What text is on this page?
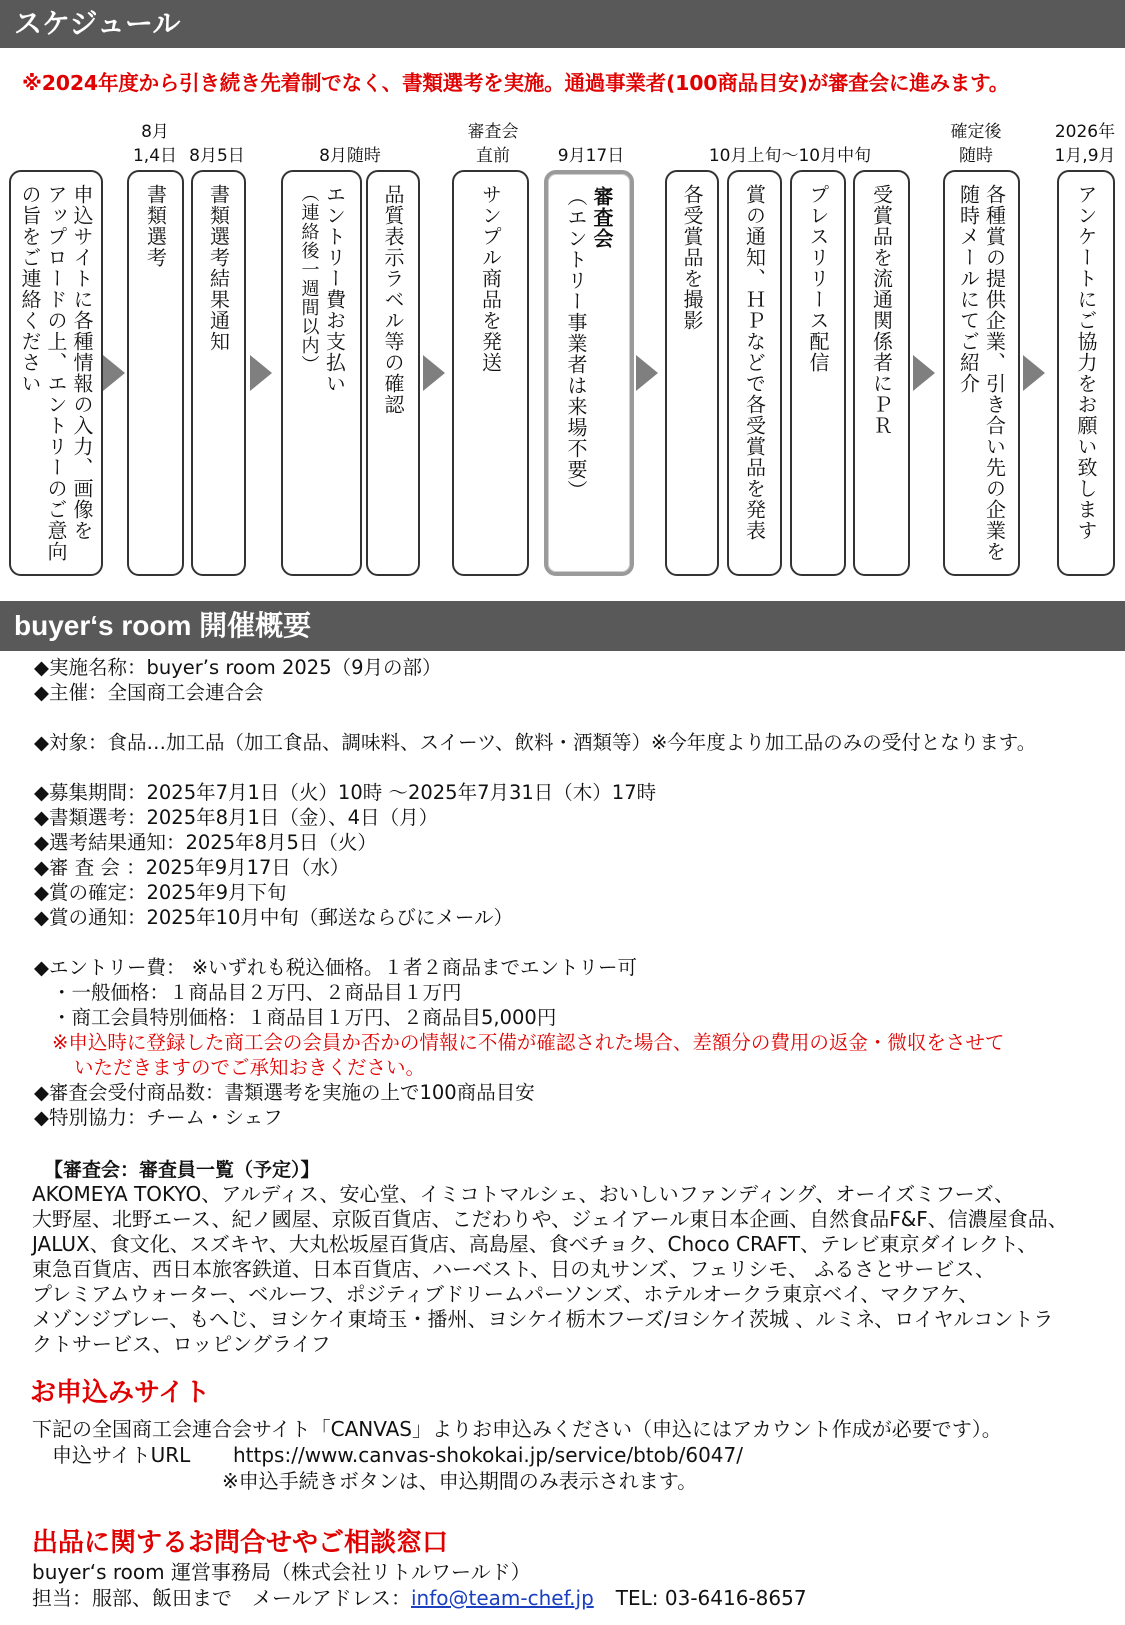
スケジュール
※2024年度から引き続き先着制でなく、書類選考を実施。通過事業者(100商品目安)が審査会に進みます。
8月
1,4日 8月5日	8月随時
審査会
直前	9月17日	10月上旬～10月中旬
確定後
随時
2026年
1月,9月
申込サイトに各種情報の入力、画像を
アップロードの上、エントリーのご意向
の旨をご連絡ください	書類選考 書類選考結果通知	エントリー費お支払い
（連絡後一週間以内）	品質表示ラベル等の確認	サンプル商品を発送	審査会
（エントリー事業者は来場不要）	各受賞品を撮影 賞の通知、ＨＰなどで各受賞品を発表 プレスリリース配信 受賞品を流通関係者にＰＲ	各種賞の提供企業、引き合い先の企業を
随時メールにてご紹介	アンケートにご協力をお願い致します
buyer‘s room 開催概要
◆実施名称：buyer’s room 2025（9月の部）
◆主催：全国商工会連合会
◆対象：食品…加工品（加工食品、調味料、スイーツ、飲料・酒類等）※今年度より加工品のみの受付となります。
◆募集期間：2025年7月1日（火）10時 ～2025年7月31日（木）17時
◆書類選考：2025年8月1日（金）、4日（月）
◆選考結果通知：2025年8月5日（火）
◆審 査 会 ：2025年9月17日（水）
◆賞の確定：2025年9月下旬
◆賞の通知：2025年10月中旬（郵送ならびにメール）
◆エントリー費： ※いずれも税込価格。１者２商品までエントリー可
・一般価格：１商品目２万円、２商品目１万円
・商工会員特別価格：１商品目１万円、２商品目5,000円
※申込時に登録した商工会の会員か否かの情報に不備が確認された場合、差額分の費用の返金・微収をさせて
いただきますのでご承知おきください。
◆審査会受付商品数：書類選考を実施の上で100商品目安
◆特別協力：チーム・シェフ
【審査会：審査員一覧（予定）】
AKOMEYA TOKYO、アルディス、安心堂、イミコトマルシェ、おいしいファンディング、オーイズミフーズ、
大野屋、北野エース、紀ノ國屋、京阪百貨店、こだわりや、ジェイアール東日本企画、自然食品F&F、信濃屋食品、
JALUX、食文化、スズキヤ、大丸松坂屋百貨店、高島屋、食べチョク、Choco CRAFT、テレビ東京ダイレクト、
東急百貨店、西日本旅客鉄道、日本百貨店、ハーベスト、日の丸サンズ、フェリシモ、 ふるさとサービス、
プレミアムウォーター、ベルーフ、ポジティブドリームパーソンズ、ホテルオークラ東京ベイ、マクアケ、
メゾンジブレー、もへじ、ヨシケイ東埼玉・播州、ヨシケイ栃木フーズ/ヨシケイ茨城 、ルミネ、ロイヤルコントラ
クトサービス、ロッピングライフ
お申込みサイト
下記の全国商工会連合会サイト「CANVAS」よりお申込みください（申込にはアカウント作成が必要です）。
申込サイトURL https://www.canvas-shokokai.jp/service/btob/6047/
※申込手続きボタンは、申込期間のみ表示されます。
出品に関するお問合せやご相談窓口
buyer‘s room 運営事務局（株式会社リトルワールド）
担当：服部、飯田まで　メールアドレス：info@team-chef.jp TEL: 03-6416-8657
